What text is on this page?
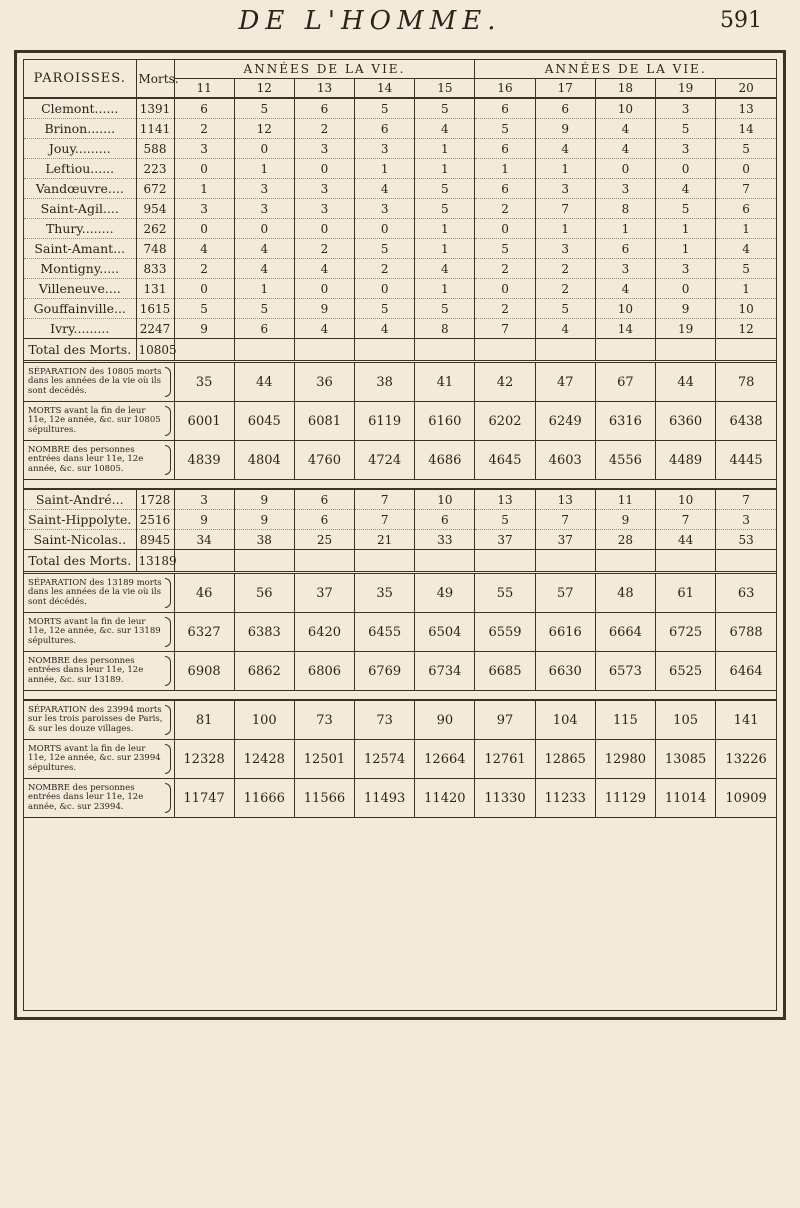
DE L'HOMME.	591
PAROISSES.	Morts.	ANNÉES DE LA VIE.					ANNÉES DE LA VIE.				
		11	12	13	14	15	16	17	18	19	20
Clemont......	1391	6	5	6	5	5	6	6	10	3	13
Brinon.......	1141	2	12	2	6	4	5	9	4	5	14
Jouy.........	588	3	0	3	3	1	6	4	4	3	5
Leftiou......	223	0	1	0	1	1	1	1	0	0	0
Vandœuvre....	672	1	3	3	4	5	6	3	3	4	7
Saint-Agil....	954	3	3	3	3	5	2	7	8	5	6
Thury........	262	0	0	0	0	1	0	1	1	1	1
Saint-Amant...	748	4	4	2	5	1	5	3	6	1	4
Montigny.....	833	2	4	4	2	4	2	2	3	3	5
Villeneuve....	131	0	1	0	0	1	0	2	4	0	1
Gouffainville...	1615	5	5	9	5	5	2	5	10	9	10
Ivry.........	2247	9	6	4	4	8	7	4	14	19	12
Total des Morts.	10805										
SÉPARATION des 10805 morts dans les années de la vie où ils sont decédés.		35	44	36	38	41	42	47	67	44	78
MORTS avant la fin de leur 11e, 12e année, &c. sur 10805 sépultures.		6001	6045	6081	6119	6160	6202	6249	6316	6360	6438
NOMBRE des personnes entrées dans leur 11e, 12e année, &c. sur 10805.		4839	4804	4760	4724	4686	4645	4603	4556	4489	4445

Saint-André...	1728	3	9	6	7	10	13	13	11	10	7
Saint-Hippolyte.	2516	9	9	6	7	6	5	7	9	7	3
Saint-Nicolas..	8945	34	38	25	21	33	37	37	28	44	53
Total des Morts.	13189										
SÉPARATION des 13189 morts dans les années de la vie où ils sont décédés.		46	56	37	35	49	55	57	48	61	63
MORTS avant la fin de leur 11e, 12e année, &c. sur 13189 sépultures.		6327	6383	6420	6455	6504	6559	6616	6664	6725	6788
NOMBRE des personnes entrées dans leur 11e, 12e année, &c. sur 13189.		6908	6862	6806	6769	6734	6685	6630	6573	6525	6464

SÉPARATION des 23994 morts sur les trois paroisses de Paris, & sur les douze villages.		81	100	73	73	90	97	104	115	105	141
MORTS avant la fin de leur 11e, 12e année, &c. sur 23994 sépultures.		12328	12428	12501	12574	12664	12761	12865	12980	13085	13226
NOMBRE des personnes entrées dans leur 11e, 12e année, &c. sur 23994.		11747	11666	11566	11493	11420	11330	11233	11129	11014	10909
